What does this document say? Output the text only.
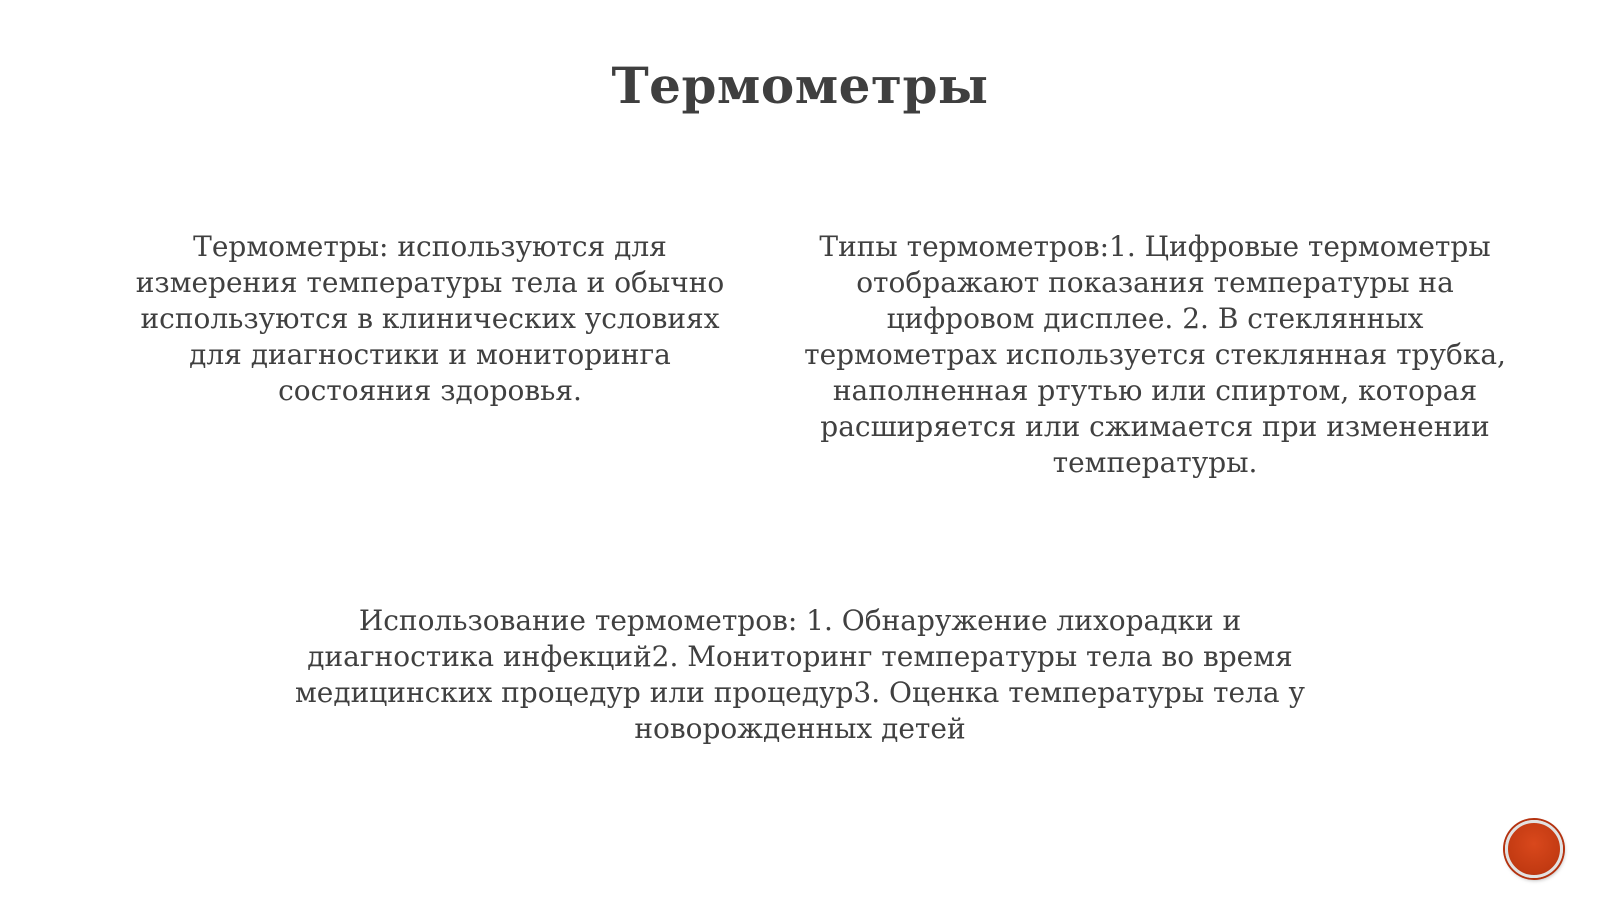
Термометры

Термометры: используются для измерения температуры тела и обычно используются в клинических условиях для диагностики и мониторинга состояния здоровья.

Типы термометров:1. Цифровые термометры отображают показания температуры на цифровом дисплее. 2. В стеклянных термометрах используется стеклянная трубка, наполненная ртутью или спиртом, которая расширяется или сжимается при изменении температуры.

Использование термометров: 1. Обнаружение лихорадки и диагностика инфекций2. Мониторинг температуры тела во время медицинских процедур или процедур3. Оценка температуры тела у новорожденных детей
